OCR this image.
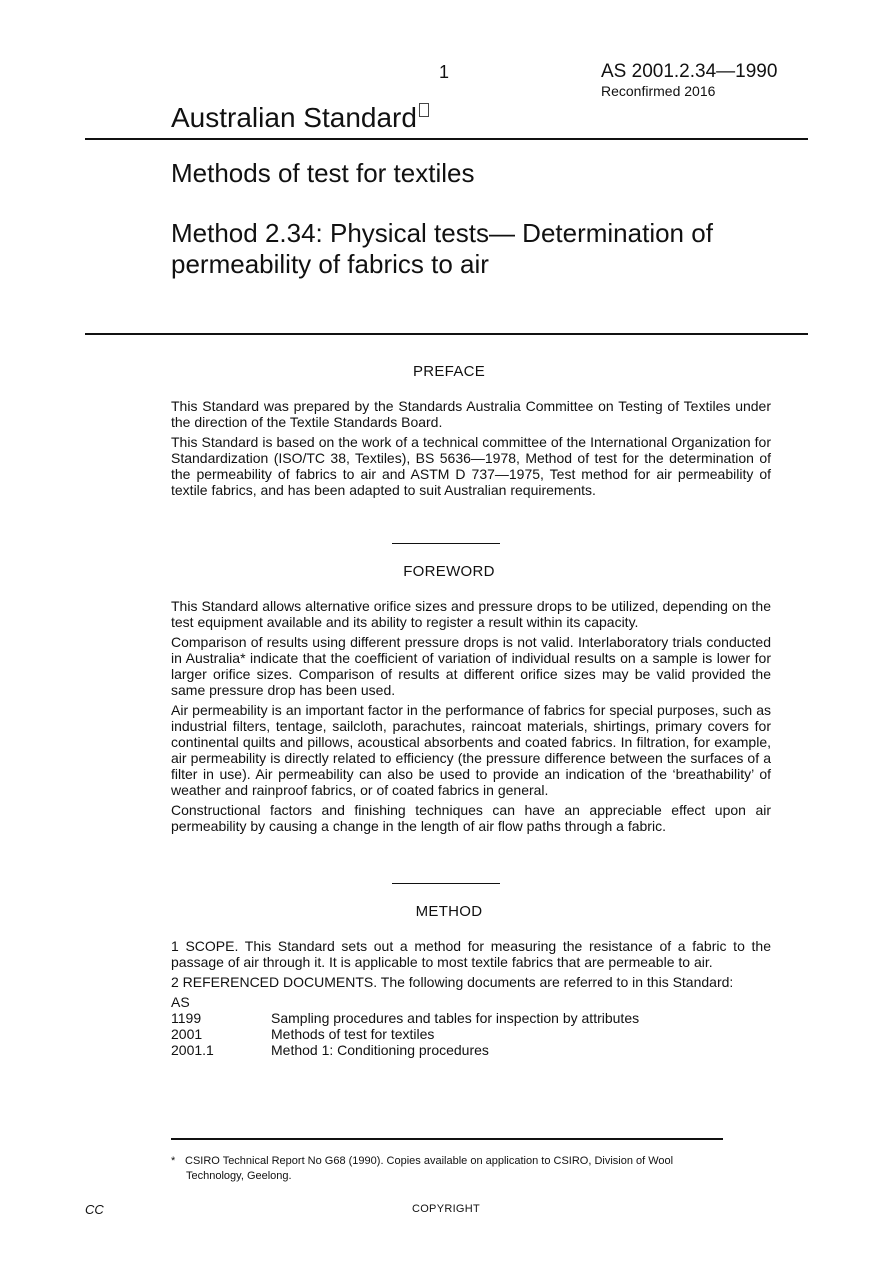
1	AS 2001.2.34—1990
Reconfirmed 2016
Australian Standard
Methods of test for textiles
Method 2.34: Physical tests— Determination of permeability of fabrics to air
PREFACE

This Standard was prepared by the Standards Australia Committee on Testing of Textiles under the direction of the Textile Standards Board.

This Standard is based on the work of a technical committee of the International Organization for Standardization (ISO/TC 38, Textiles), BS 5636—1978, Method of test for the determination of the permeability of fabrics to air and ASTM D 737—1975, Test method for air permeability of textile fabrics, and has been adapted to suit Australian requirements.

FOREWORD

This Standard allows alternative orifice sizes and pressure drops to be utilized, depending on the test equipment available and its ability to register a result within its capacity.

Comparison of results using different pressure drops is not valid. Interlaboratory trials conducted in Australia* indicate that the coefficient of variation of individual results on a sample is lower for larger orifice sizes. Comparison of results at different orifice sizes may be valid provided the same pressure drop has been used.

Air permeability is an important factor in the performance of fabrics for special purposes, such as industrial filters, tentage, sailcloth, parachutes, raincoat materials, shirtings, primary covers for continental quilts and pillows, acoustical absorbents and coated fabrics. In filtration, for example, air permeability is directly related to efficiency (the pressure difference between the surfaces of a filter in use). Air permeability can also be used to provide an indication of the ‘breathability’ of weather and rainproof fabrics, or of coated fabrics in general.

Constructional factors and finishing techniques can have an appreciable effect upon air permeability by causing a change in the length of air flow paths through a fabric.

METHOD

1 SCOPE. This Standard sets out a method for measuring the resistance of a fabric to the passage of air through it. It is applicable to most textile fabrics that are permeable to air.

2 REFERENCED DOCUMENTS. The following documents are referred to in this Standard:

AS
1199	Sampling procedures and tables for inspection by attributes
2001	Methods of test for textiles
2001.1	Method 1: Conditioning procedures
* CSIRO Technical Report No G68 (1990). Copies available on application to CSIRO, Division of Wool
Technology, Geelong.
CC	COPYRIGHT
